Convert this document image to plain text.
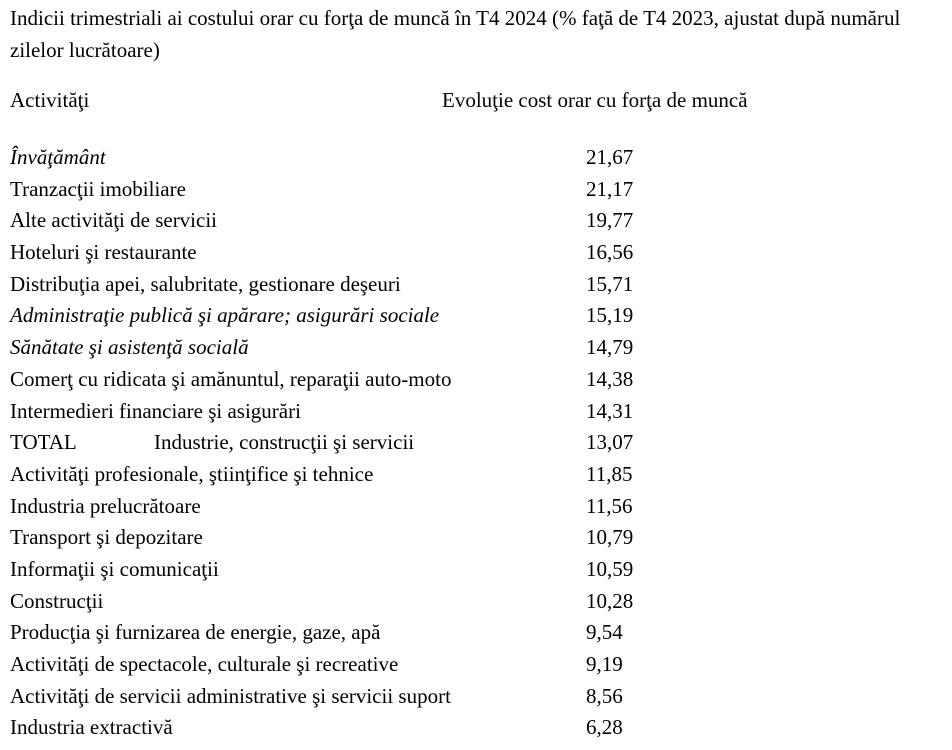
Indicii trimestriali ai costului orar cu forţa de muncă în T4 2024 (% faţă de T4 2023, ajustat după numărul zilelor lucrătoare)
Activităţi	Evoluţie cost orar cu forţa de muncă
Învăţământ	21,67
Tranzacţii imobiliare	21,17
Alte activităţi de servicii	19,77
Hoteluri şi restaurante	16,56
Distribuţia apei, salubritate, gestionare deşeuri	15,71
Administraţie publică şi apărare; asigurări sociale	15,19
Sănătate şi asistenţă socială	14,79
Comerţ cu ridicata şi amănuntul, reparaţii auto-moto	14,38
Intermedieri financiare şi asigurări	14,31
TOTAL	Industrie, construcţii şi servicii	13,07
Activităţi profesionale, ştiinţifice şi tehnice	11,85
Industria prelucrătoare	11,56
Transport şi depozitare	10,79
Informaţii şi comunicaţii	10,59
Construcţii	10,28
Producţia şi furnizarea de energie, gaze, apă	9,54
Activităţi de spectacole, culturale şi recreative	9,19
Activităţi de servicii administrative şi servicii suport	8,56
Industria extractivă	6,28
